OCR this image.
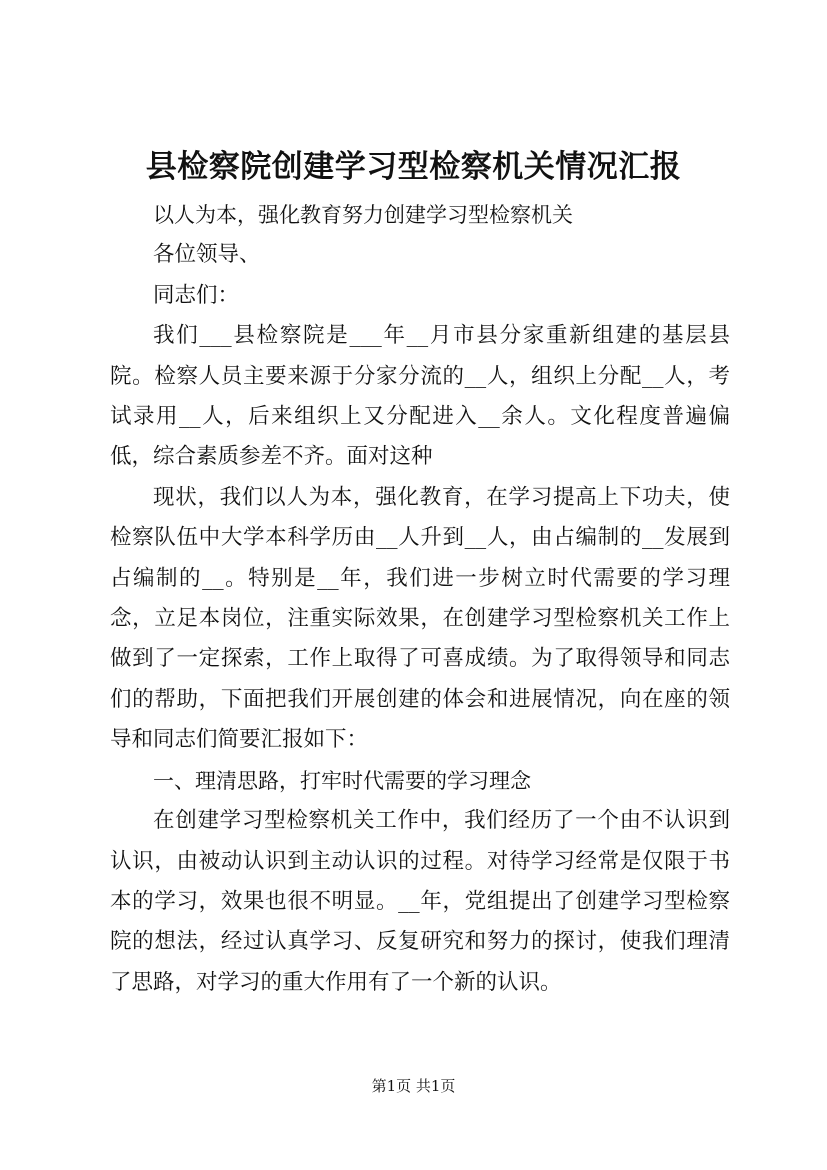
县检察院创建学习型检察机关情况汇报

以人为本，强化教育努力创建学习型检察机关

各位领导、

同志们：

我们___县检察院是___年__月市县分家重新组建的基层县院。检察人员主要来源于分家分流的__人，组织上分配__人，考试录用__人，后来组织上又分配进入__余人。文化程度普遍偏低，综合素质参差不齐。面对这种

现状，我们以人为本，强化教育，在学习提高上下功夫，使检察队伍中大学本科学历由__人升到__人，由占编制的__发展到占编制的__。特别是__年，我们进一步树立时代需要的学习理念，立足本岗位，注重实际效果，在创建学习型检察机关工作上做到了一定探索，工作上取得了可喜成绩。为了取得领导和同志们的帮助，下面把我们开展创建的体会和进展情况，向在座的领导和同志们简要汇报如下：

一、理清思路，打牢时代需要的学习理念

在创建学习型检察机关工作中，我们经历了一个由不认识到认识，由被动认识到主动认识的过程。对待学习经常是仅限于书本的学习，效果也很不明显。__年，党组提出了创建学习型检察院的想法，经过认真学习、反复研究和努力的探讨，使我们理清了思路，对学习的重大作用有了一个新的认识。

第1页 共1页
